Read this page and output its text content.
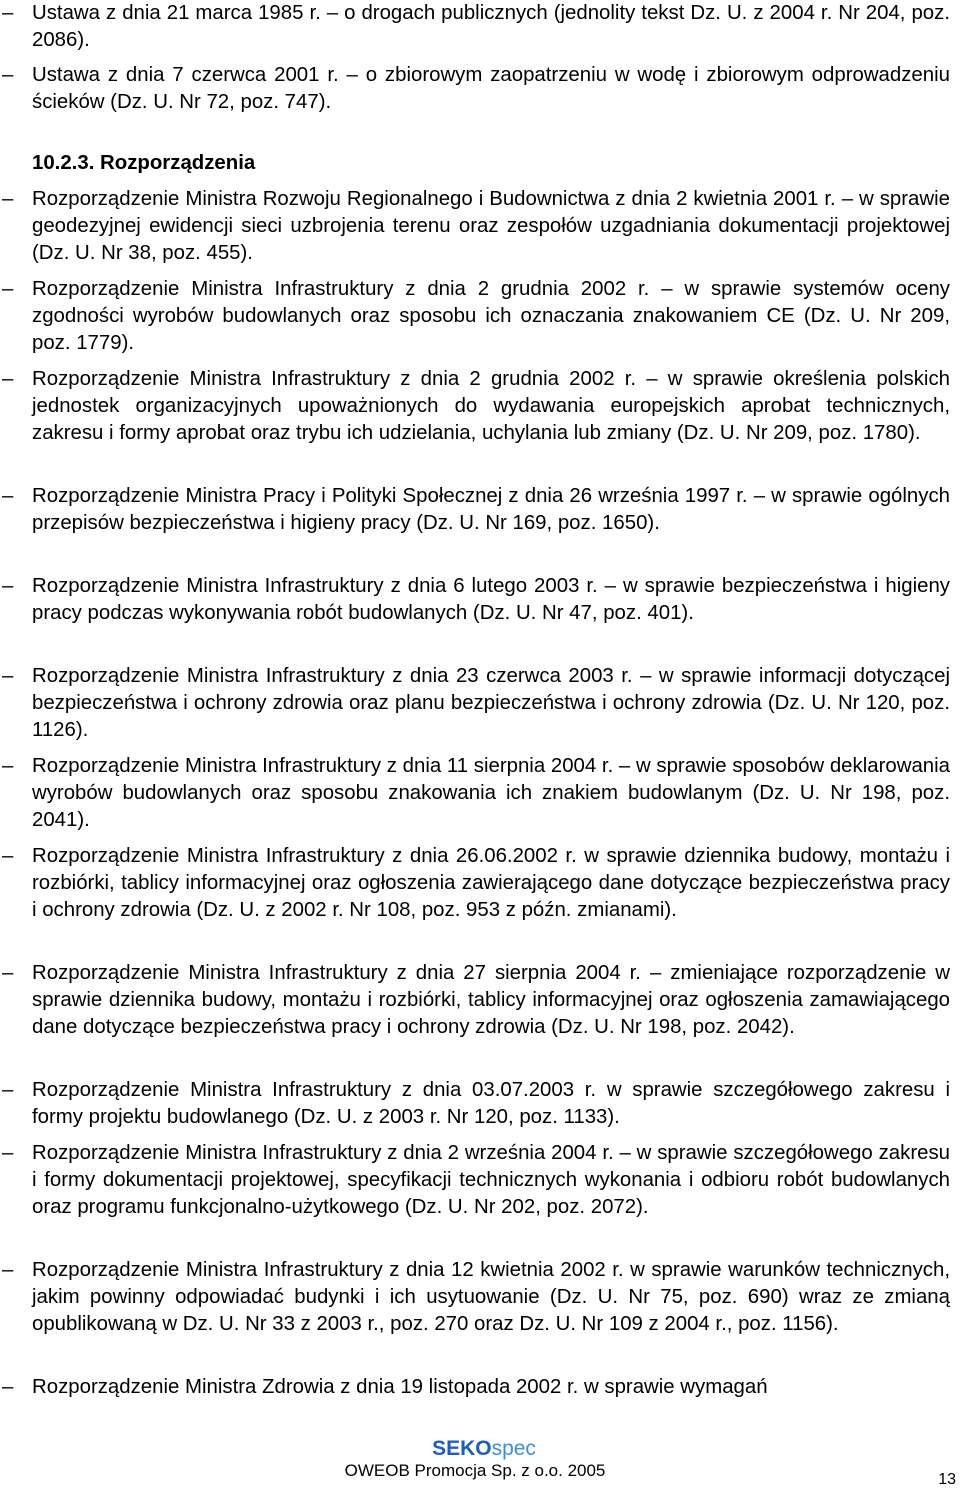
– Ustawa z dnia 21 marca 1985 r. – o drogach publicznych (jednolity tekst Dz. U. z 2004 r. Nr 204, poz. 2086).
– Ustawa z dnia 7 czerwca 2001 r. – o zbiorowym zaopatrzeniu w wodę i zbiorowym odprowadzeniu ścieków (Dz. U. Nr 72, poz. 747).
10.2.3. Rozporządzenia
– Rozporządzenie Ministra Rozwoju Regionalnego i Budownictwa z dnia 2 kwietnia 2001 r. – w sprawie geodezyjnej ewidencji sieci uzbrojenia terenu oraz zespołów uzgadniania dokumentacji projektowej (Dz. U. Nr 38, poz. 455).
– Rozporządzenie Ministra Infrastruktury z dnia 2 grudnia 2002 r. – w sprawie systemów oceny zgodności wyrobów budowlanych oraz sposobu ich oznaczania znakowaniem CE (Dz. U. Nr 209, poz. 1779).
– Rozporządzenie Ministra Infrastruktury z dnia 2 grudnia 2002 r. – w sprawie określenia polskich jednostek organizacyjnych upoważnionych do wydawania europejskich aprobat technicznych, zakresu i formy aprobat oraz trybu ich udzielania, uchylania lub zmiany (Dz. U. Nr 209, poz. 1780).
– Rozporządzenie Ministra Pracy i Polityki Społecznej z dnia 26 września 1997 r. – w sprawie ogólnych przepisów bezpieczeństwa i higieny pracy (Dz. U. Nr 169, poz. 1650).
– Rozporządzenie Ministra Infrastruktury z dnia 6 lutego 2003 r. – w sprawie bezpieczeństwa i higieny pracy podczas wykonywania robót budowlanych (Dz. U. Nr 47, poz. 401).
– Rozporządzenie Ministra Infrastruktury z dnia 23 czerwca 2003 r. – w sprawie informacji dotyczącej bezpieczeństwa i ochrony zdrowia oraz planu bezpieczeństwa i ochrony zdrowia (Dz. U. Nr 120, poz. 1126).
– Rozporządzenie Ministra Infrastruktury z dnia 11 sierpnia 2004 r. – w sprawie sposobów deklarowania wyrobów budowlanych oraz sposobu znakowania ich znakiem budowlanym (Dz. U. Nr 198, poz. 2041).
– Rozporządzenie Ministra Infrastruktury z dnia 26.06.2002 r. w sprawie dziennika budowy, montażu i rozbiórki, tablicy informacyjnej oraz ogłoszenia zawierającego dane dotyczące bezpieczeństwa pracy i ochrony zdrowia (Dz. U. z 2002 r. Nr 108, poz. 953 z późn. zmianami).
– Rozporządzenie Ministra Infrastruktury z dnia 27 sierpnia 2004 r. – zmieniające rozporządzenie w sprawie dziennika budowy, montażu i rozbiórki, tablicy informacyjnej oraz ogłoszenia zamawiającego dane dotyczące bezpieczeństwa pracy i ochrony zdrowia (Dz. U. Nr 198, poz. 2042).
– Rozporządzenie Ministra Infrastruktury z dnia 03.07.2003 r. w sprawie szczegółowego zakresu i formy projektu budowlanego (Dz. U. z 2003 r. Nr 120, poz. 1133).
– Rozporządzenie Ministra Infrastruktury z dnia 2 września 2004 r. – w sprawie szczegółowego zakresu i formy dokumentacji projektowej, specyfikacji technicznych wykonania i odbioru robót budowlanych oraz programu funkcjonalno-użytkowego (Dz. U. Nr 202, poz. 2072).
– Rozporządzenie Ministra Infrastruktury z dnia 12 kwietnia 2002 r. w sprawie warunków technicznych, jakim powinny odpowiadać budynki i ich usytuowanie (Dz. U. Nr 75, poz. 690) wraz ze zmianą opublikowaną w Dz. U. Nr 33 z 2003 r., poz. 270 oraz Dz. U. Nr 109 z 2004 r., poz. 1156).
– Rozporządzenie Ministra Zdrowia z dnia 19 listopada 2002 r. w sprawie wymagań
SEKOspec
OWEOB Promocja Sp. z o.o. 2005	13
